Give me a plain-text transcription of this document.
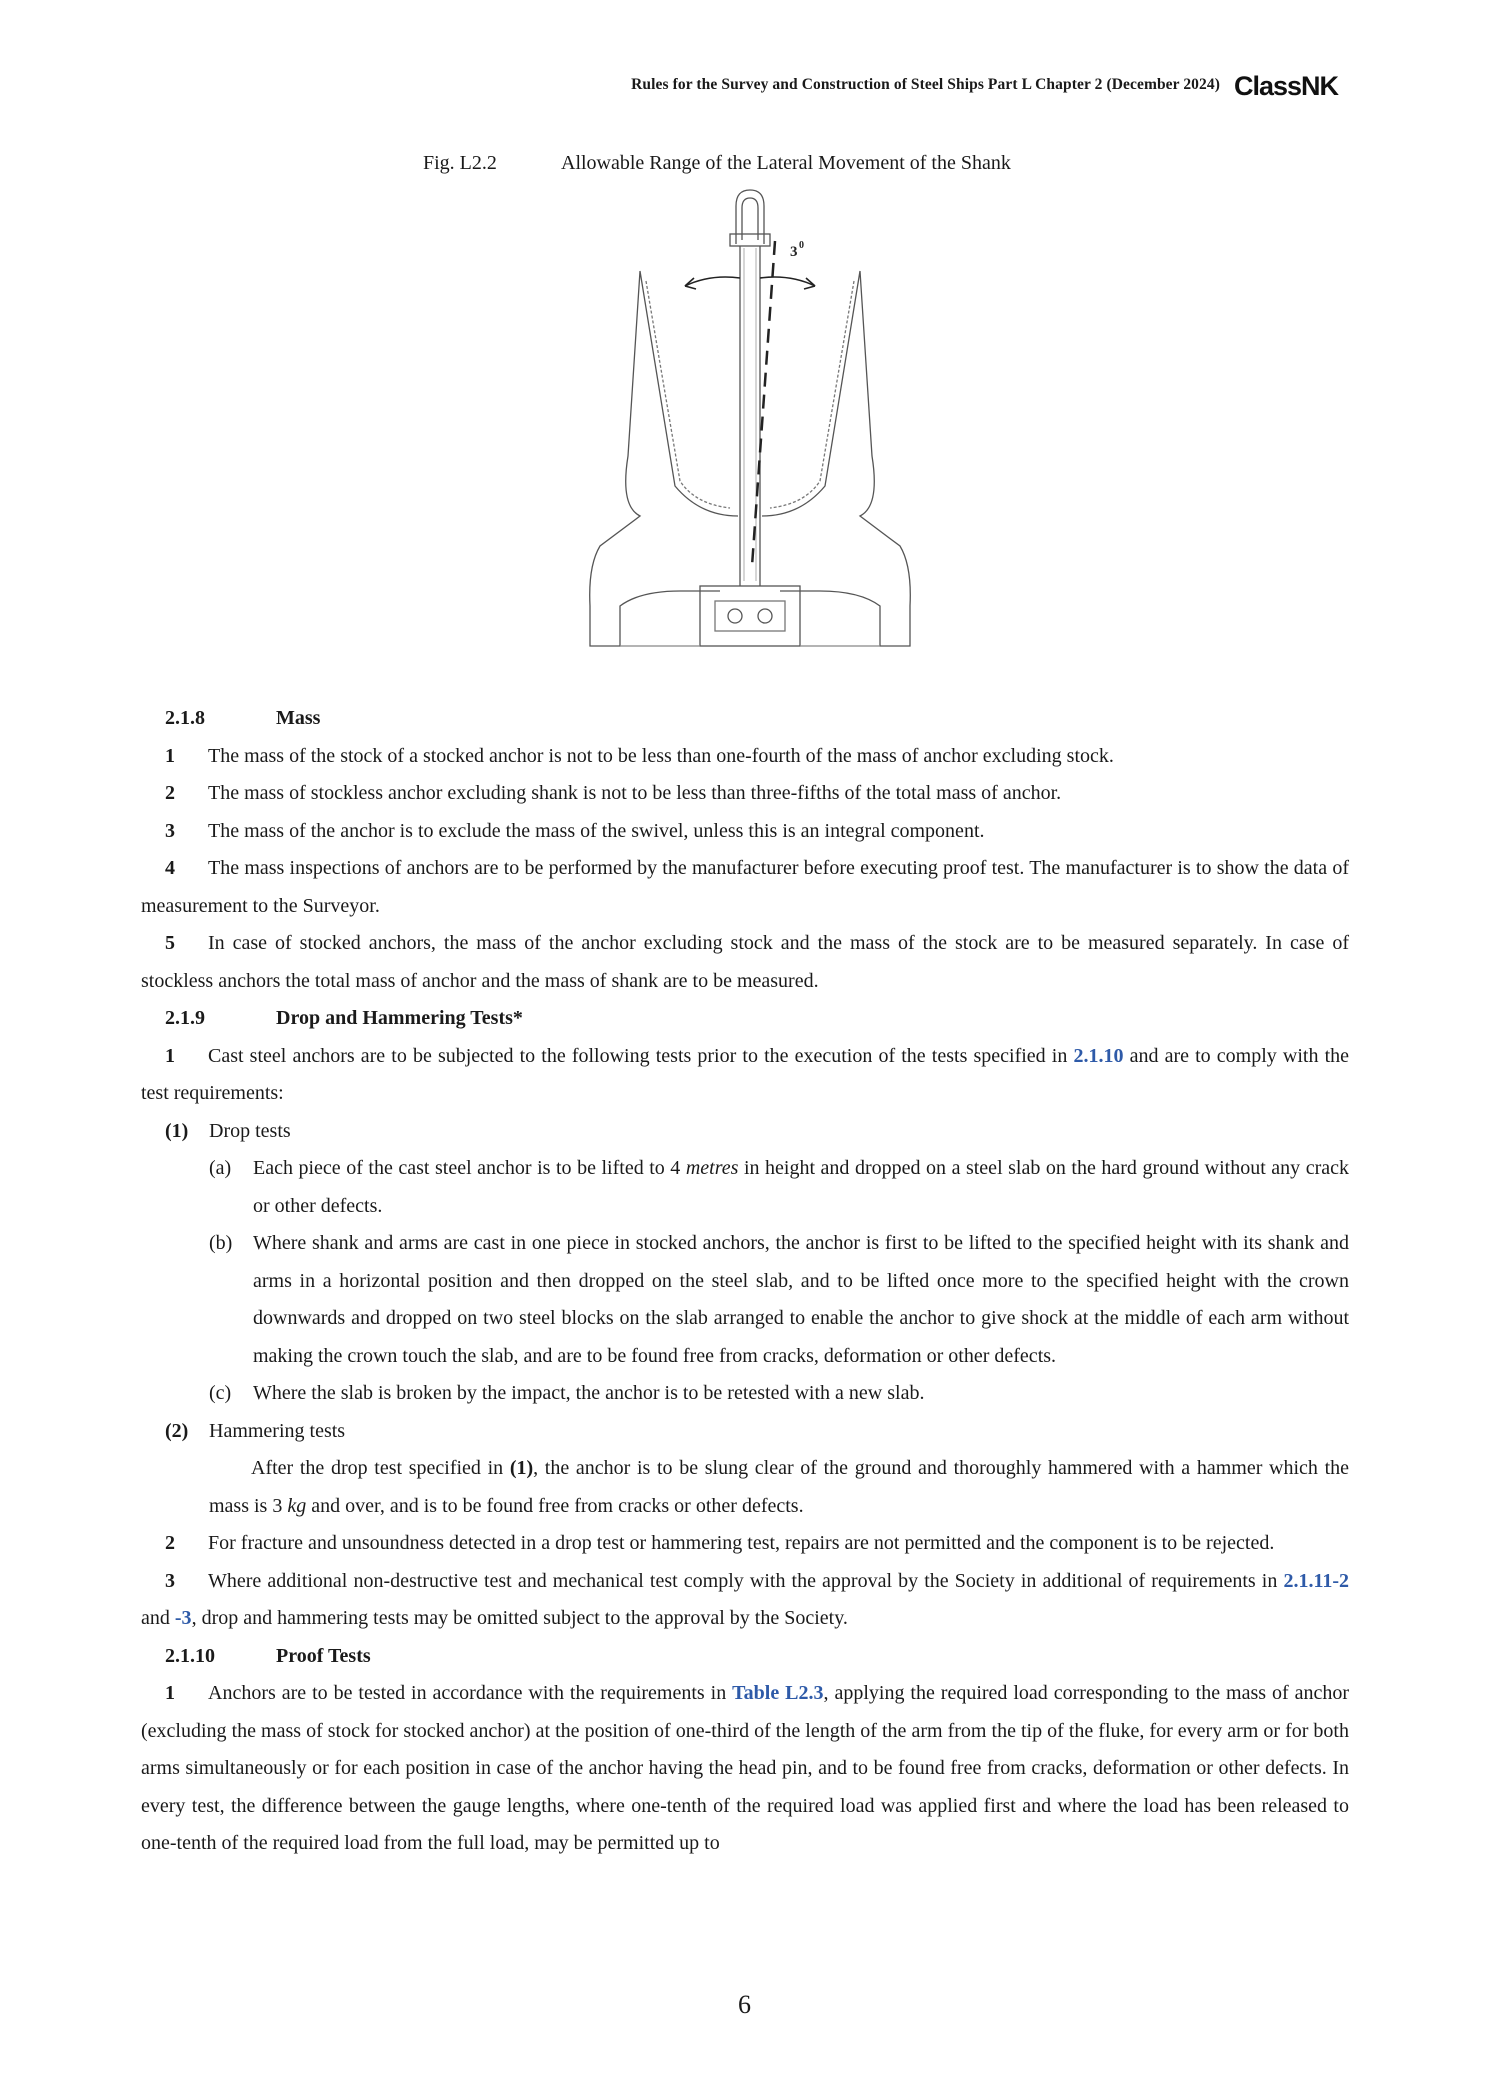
Rules for the Survey and Construction of Steel Ships Part L Chapter 2 (December 2024) ClassNK
Fig. L2.2	Allowable Range of the Lateral Movement of the Shank
3 0

2.1.8	Mass

1 The mass of the stock of a stocked anchor is not to be less than one-fourth of the mass of anchor excluding stock.

2 The mass of stockless anchor excluding shank is not to be less than three-fifths of the total mass of anchor.

3 The mass of the anchor is to exclude the mass of the swivel, unless this is an integral component.

4 The mass inspections of anchors are to be performed by the manufacturer before executing proof test. The manufacturer is to show the data of measurement to the Surveyor.

5 In case of stocked anchors, the mass of the anchor excluding stock and the mass of the stock are to be measured separately. In case of stockless anchors the total mass of anchor and the mass of shank are to be measured.

2.1.9	Drop and Hammering Tests*

1 Cast steel anchors are to be subjected to the following tests prior to the execution of the tests specified in 2.1.10 and are to comply with the test requirements:

(1) Drop tests

(a) Each piece of the cast steel anchor is to be lifted to 4 metres in height and dropped on a steel slab on the hard ground without any crack or other defects.

(b) Where shank and arms are cast in one piece in stocked anchors, the anchor is first to be lifted to the specified height with its shank and arms in a horizontal position and then dropped on the steel slab, and to be lifted once more to the specified height with the crown downwards and dropped on two steel blocks on the slab arranged to enable the anchor to give shock at the middle of each arm without making the crown touch the slab, and are to be found free from cracks, deformation or other defects.

(c) Where the slab is broken by the impact, the anchor is to be retested with a new slab.

(2) Hammering tests

After the drop test specified in (1), the anchor is to be slung clear of the ground and thoroughly hammered with a hammer which the mass is 3 kg and over, and is to be found free from cracks or other defects.

2 For fracture and unsoundness detected in a drop test or hammering test, repairs are not permitted and the component is to be rejected.

3 Where additional non-destructive test and mechanical test comply with the approval by the Society in additional of requirements in 2.1.11-2 and -3, drop and hammering tests may be omitted subject to the approval by the Society.

2.1.10	Proof Tests

1 Anchors are to be tested in accordance with the requirements in Table L2.3, applying the required load corresponding to the mass of anchor (excluding the mass of stock for stocked anchor) at the position of one-third of the length of the arm from the tip of the fluke, for every arm or for both arms simultaneously or for each position in case of the anchor having the head pin, and to be found free from cracks, deformation or other defects. In every test, the difference between the gauge lengths, where one-tenth of the required load was applied first and where the load has been released to one-tenth of the required load from the full load, may be permitted up to

6
